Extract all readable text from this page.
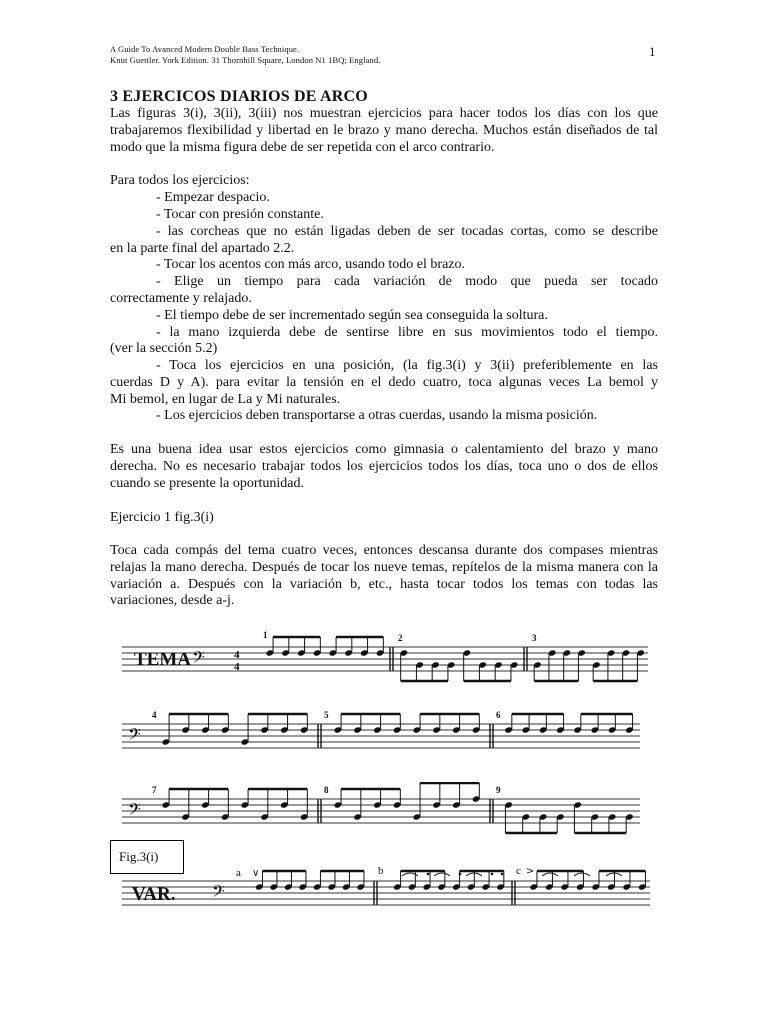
A Guide To Avanced Modern Double Bass Technique.
Knut Guettler. York Edition. 31 Thornhill Square, London N1 1BQ; England.
1
3 EJERCICOS DIARIOS DE ARCO
Las figuras 3(i), 3(ii), 3(iii) nos muestran ejercicios para hacer todos los días con los que trabajaremos flexibilidad y libertad en le brazo y mano derecha. Muchos están diseñados de tal modo que la misma figura debe de ser repetida con el arco contrario.
Para todos los ejercicios:
- Empezar despacio.
- Tocar con presión constante.
- las corcheas que no están ligadas deben de ser tocadas cortas, como se describe
en la parte final del apartado 2.2.
- Tocar los acentos con más arco, usando todo el brazo.
- Elige un tiempo para cada variación de modo que pueda ser tocado
correctamente y relajado.
- El tiempo debe de ser incrementado según sea conseguida la soltura.
- la mano izquierda debe de sentirse libre en sus movimientos todo el tiempo.
(ver la sección 5.2)
- Toca los ejercicios en una posición, (la fig.3(i) y 3(ii) preferiblemente en las
cuerdas D y A). para evitar la tensión en el dedo cuatro, toca algunas veces La bemol y
Mi bemol, en lugar de La y Mi naturales.
- Los ejercicios deben transportarse a otras cuerdas, usando la misma posición.
Es una buena idea usar estos ejercicios como gimnasia o calentamiento del brazo y mano derecha. No es necesario trabajar todos los ejercicios todos los días, toca uno o dos de ellos cuando se presente la oportunidad.
Ejercicio 1 fig.3(i)
Toca cada compás del tema cuatro veces, entonces descansa durante dos compases mientras relajas la mano derecha. Después de tocar los nueve temas, repítelos de la misma manera con la variación a. Después con la variación b, etc., hasta tocar todos los temas con todas las variaciones, desde a-j.
TEMA 𝄢	4
4
1	2	3
𝄢
4	5	6
𝄢
7	8	9
Fig.3(i)
VAR. 𝄢
a	b	c
∨	>
